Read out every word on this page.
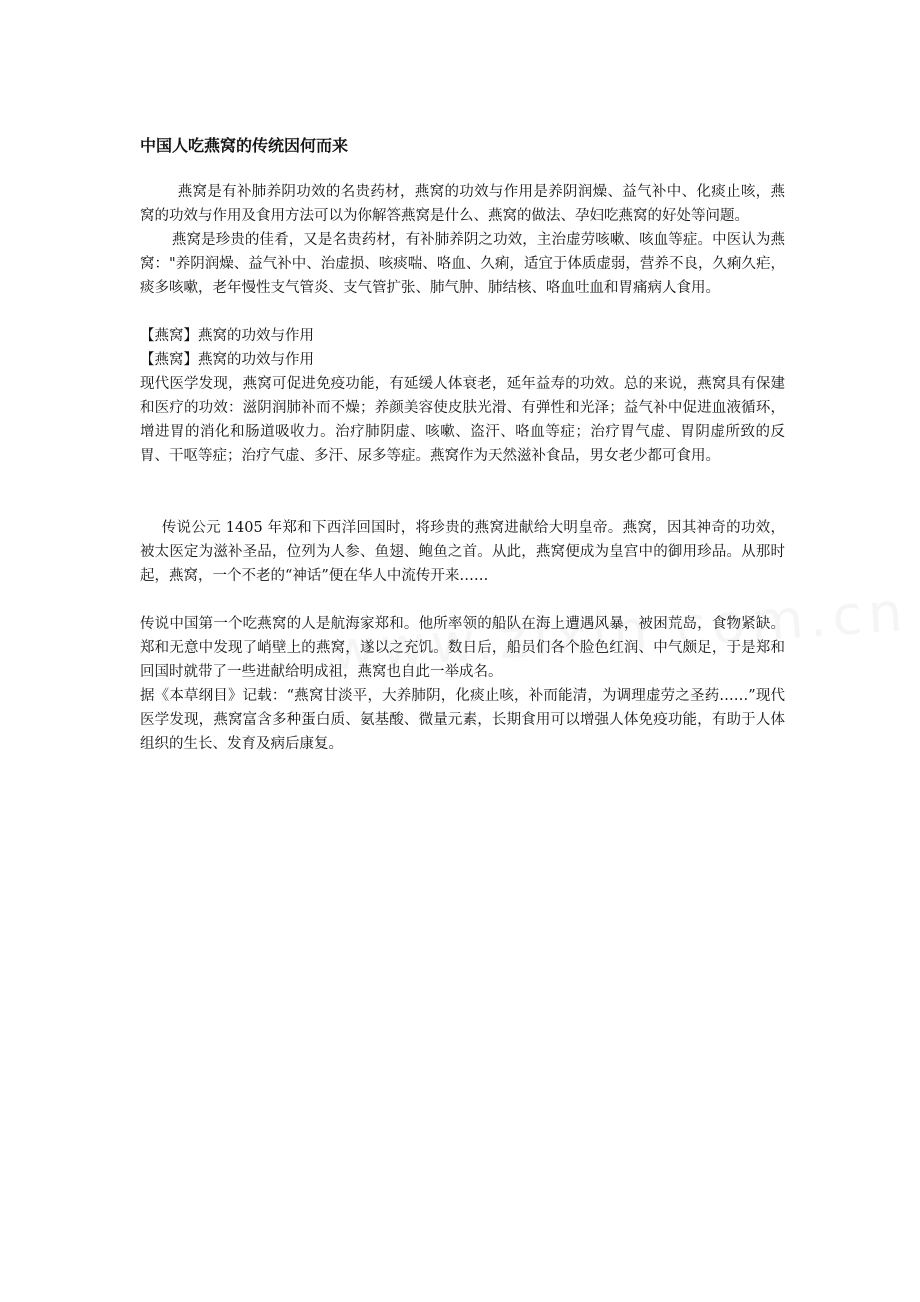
中国人吃燕窝的传统因何而来

燕窝是有补肺养阴功效的名贵药材，燕窝的功效与作用是养阴润燥、益气补中、化痰止咳，燕窝的功效与作用及食用方法可以为你解答燕窝是什么、燕窝的做法、孕妇吃燕窝的好处等问题。

燕窝是珍贵的佳肴，又是名贵药材，有补肺养阴之功效，主治虚劳咳嗽、咳血等症。中医认为燕窝："养阴润燥、益气补中、治虚损、咳痰喘、咯血、久痢，适宜于体质虚弱，营养不良，久痢久疟，痰多咳嗽，老年慢性支气管炎、支气管扩张、肺气肿、肺结核、咯血吐血和胃痛病人食用。

【燕窝】燕窝的功效与作用

【燕窝】燕窝的功效与作用

现代医学发现，燕窝可促进免疫功能，有延缓人体衰老，延年益寿的功效。总的来说，燕窝具有保建和医疗的功效：滋阴润肺补而不燥；养颜美容使皮肤光滑、有弹性和光泽；益气补中促进血液循环，增进胃的消化和肠道吸收力。治疗肺阴虚、咳嗽、盗汗、咯血等症；治疗胃气虚、胃阴虚所致的反胃、干呕等症；治疗气虚、多汗、尿多等症。燕窝作为天然滋补食品，男女老少都可食用。

传说公元 1405 年郑和下西洋回国时，将珍贵的燕窝进献给大明皇帝。燕窝，因其神奇的功效，被太医定为滋补圣品，位列为人参、鱼翅、鲍鱼之首。从此，燕窝便成为皇宫中的御用珍品。从那时起，燕窝，一个不老的“神话”便在华人中流传开来……

传说中国第一个吃燕窝的人是航海家郑和。他所率领的船队在海上遭遇风暴，被困荒岛，食物紧缺。郑和无意中发现了峭壁上的燕窝，遂以之充饥。数日后，船员们各个脸色红润、中气颇足，于是郑和回国时就带了一些进献给明成祖，燕窝也自此一举成名。

据《本草纲目》记载：“燕窝甘淡平，大养肺阴，化痰止咳，补而能清，为调理虚劳之圣药……”现代医学发现，燕窝富含多种蛋白质、氨基酸、微量元素，长期食用可以增强人体免疫功能，有助于人体组织的生长、发育及病后康复。
